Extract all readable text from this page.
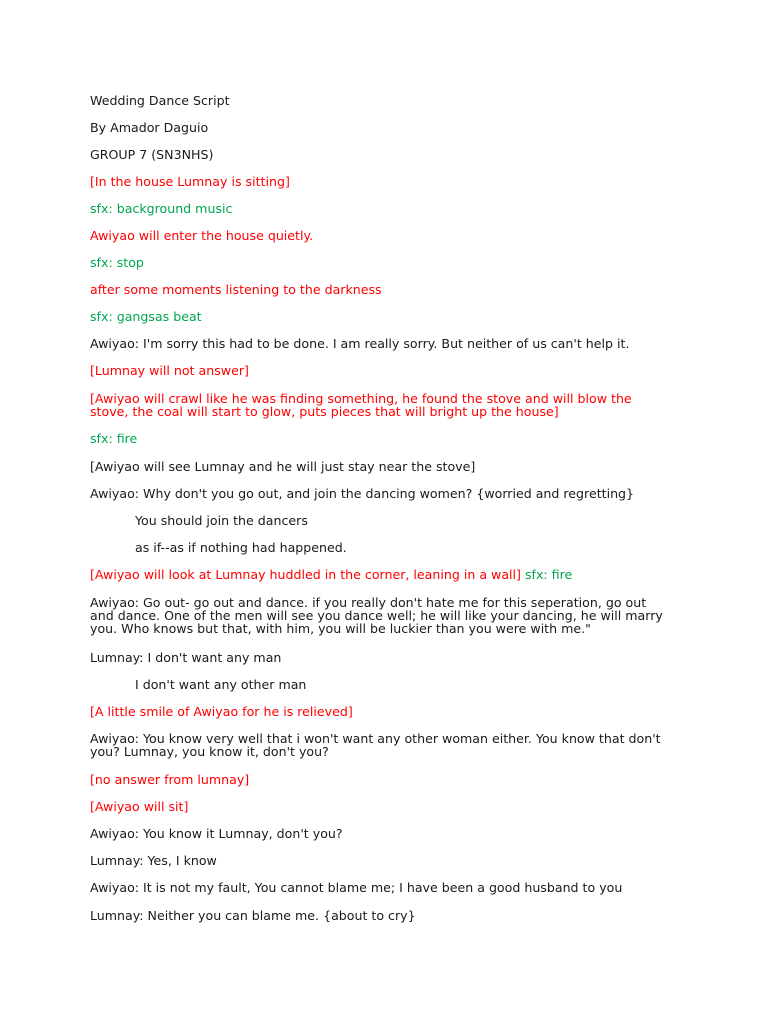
Wedding Dance Script
By Amador Daguio
GROUP 7 (SN3NHS)
[In the house Lumnay is sitting]
sfx: background music
Awiyao will enter the house quietly.
sfx: stop
after some moments listening to the darkness
sfx: gangsas beat
Awiyao: I'm sorry this had to be done. I am really sorry. But neither of us can't help it.
[Lumnay will not answer]
[Awiyao will crawl like he was finding something, he found the stove and will blow the stove, the coal will start to glow, puts pieces that will bright up the house]
sfx: fire
[Awiyao will see Lumnay and he will just stay near the stove]
Awiyao: Why don't you go out, and join the dancing women? {worried and regretting}
You should join the dancers
as if--as if nothing had happened.
[Awiyao will look at Lumnay huddled in the corner, leaning in a wall] sfx: fire
Awiyao: Go out- go out and dance. if you really don't hate me for this seperation, go out and dance. One of the men will see you dance well; he will like your dancing, he will marry you. Who knows but that, with him, you will be luckier than you were with me."
Lumnay: I don't want any man
I don't want any other man
[A little smile of Awiyao for he is relieved]
Awiyao: You know very well that i won't want any other woman either. You know that don't you? Lumnay, you know it, don't you?
[no answer from lumnay]
[Awiyao will sit]
Awiyao: You know it Lumnay, don't you?
Lumnay: Yes, I know
Awiyao: It is not my fault, You cannot blame me; I have been a good husband to you
Lumnay: Neither you can blame me. {about to cry}
